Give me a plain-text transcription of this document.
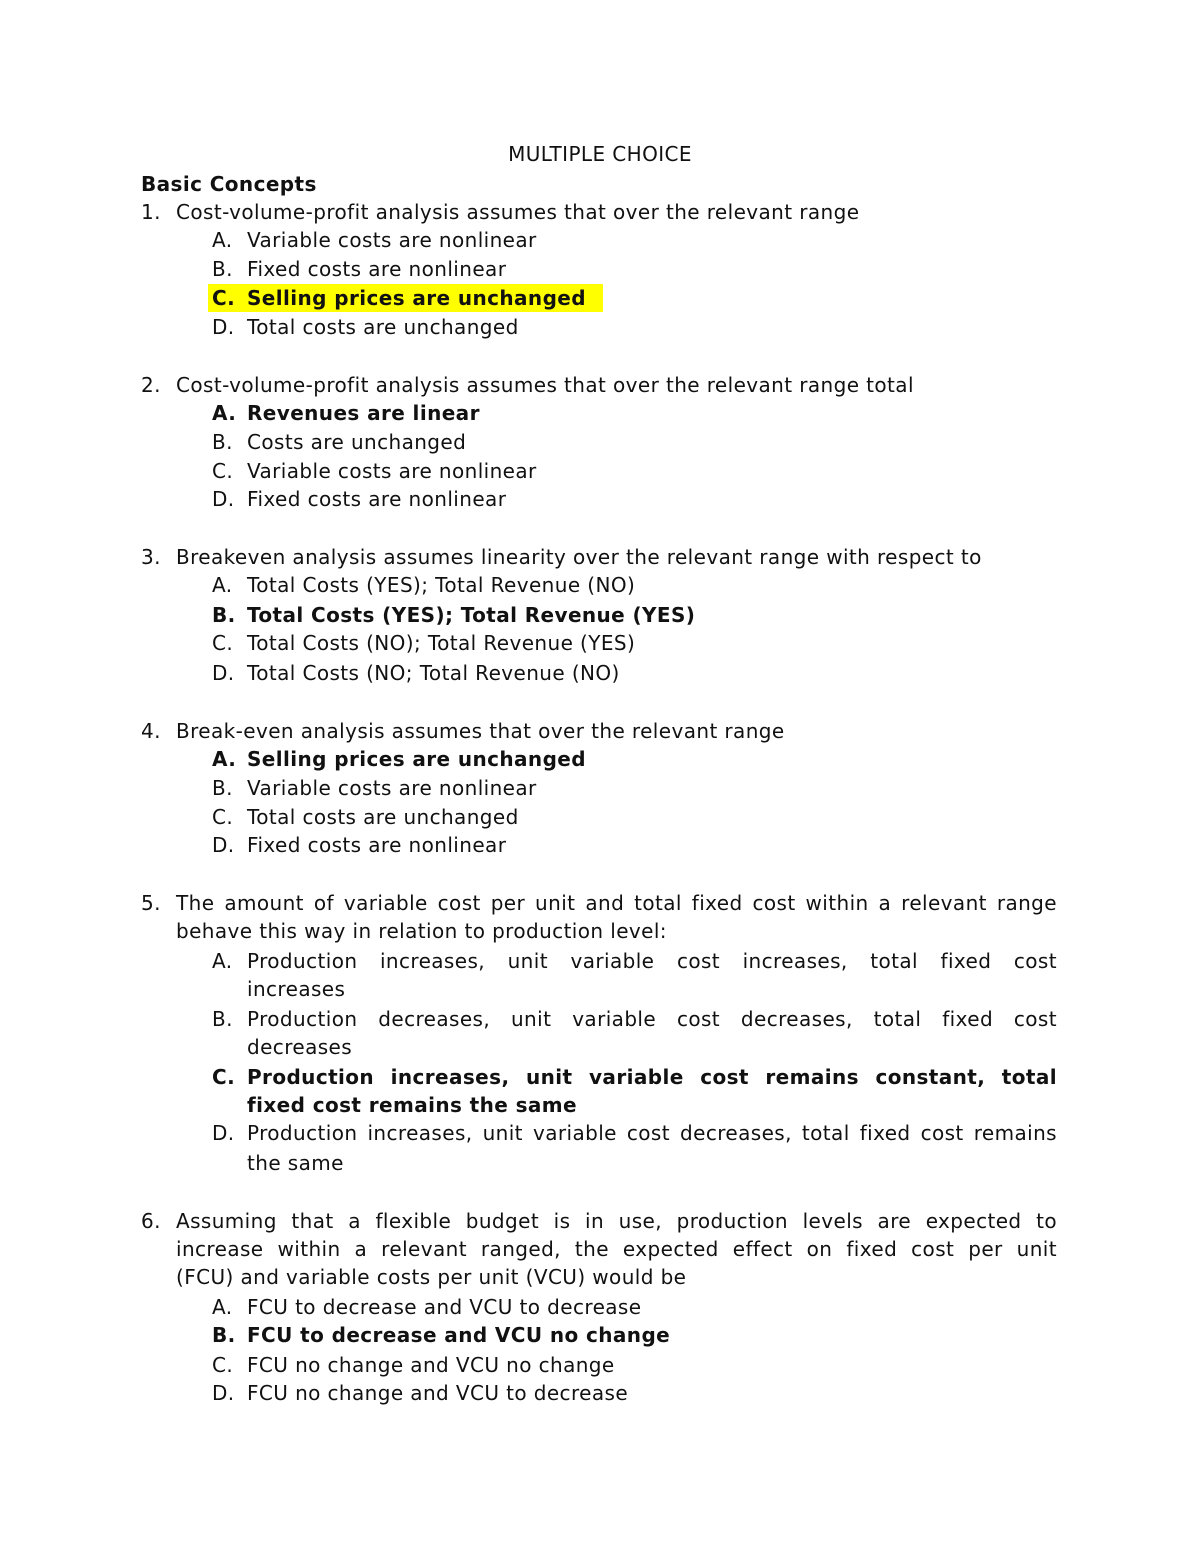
MULTIPLE CHOICE
Basic Concepts
1. Cost-volume-profit analysis assumes that over the relevant range
A. Variable costs are nonlinear
B. Fixed costs are nonlinear
C. Selling prices are unchanged
D. Total costs are unchanged
2. Cost-volume-profit analysis assumes that over the relevant range total
A. Revenues are linear
B. Costs are unchanged
C. Variable costs are nonlinear
D. Fixed costs are nonlinear
3. Breakeven analysis assumes linearity over the relevant range with respect to
A. Total Costs (YES); Total Revenue (NO)
B. Total Costs (YES); Total Revenue (YES)
C. Total Costs (NO); Total Revenue (YES)
D. Total Costs (NO; Total Revenue (NO)
4. Break-even analysis assumes that over the relevant range
A. Selling prices are unchanged
B. Variable costs are nonlinear
C. Total costs are unchanged
D. Fixed costs are nonlinear
5. The amount of variable cost per unit and total fixed cost within a relevant range
behave this way in relation to production level:
A. Production increases, unit variable cost increases, total fixed cost
increases
B. Production decreases, unit variable cost decreases, total fixed cost
decreases
C. Production increases, unit variable cost remains constant, total
fixed cost remains the same
D. Production increases, unit variable cost decreases, total fixed cost remains
the same
6. Assuming that a flexible budget is in use, production levels are expected to
increase within a relevant ranged, the expected effect on fixed cost per unit
(FCU) and variable costs per unit (VCU) would be
A. FCU to decrease and VCU to decrease
B. FCU to decrease and VCU no change
C. FCU no change and VCU no change
D. FCU no change and VCU to decrease
